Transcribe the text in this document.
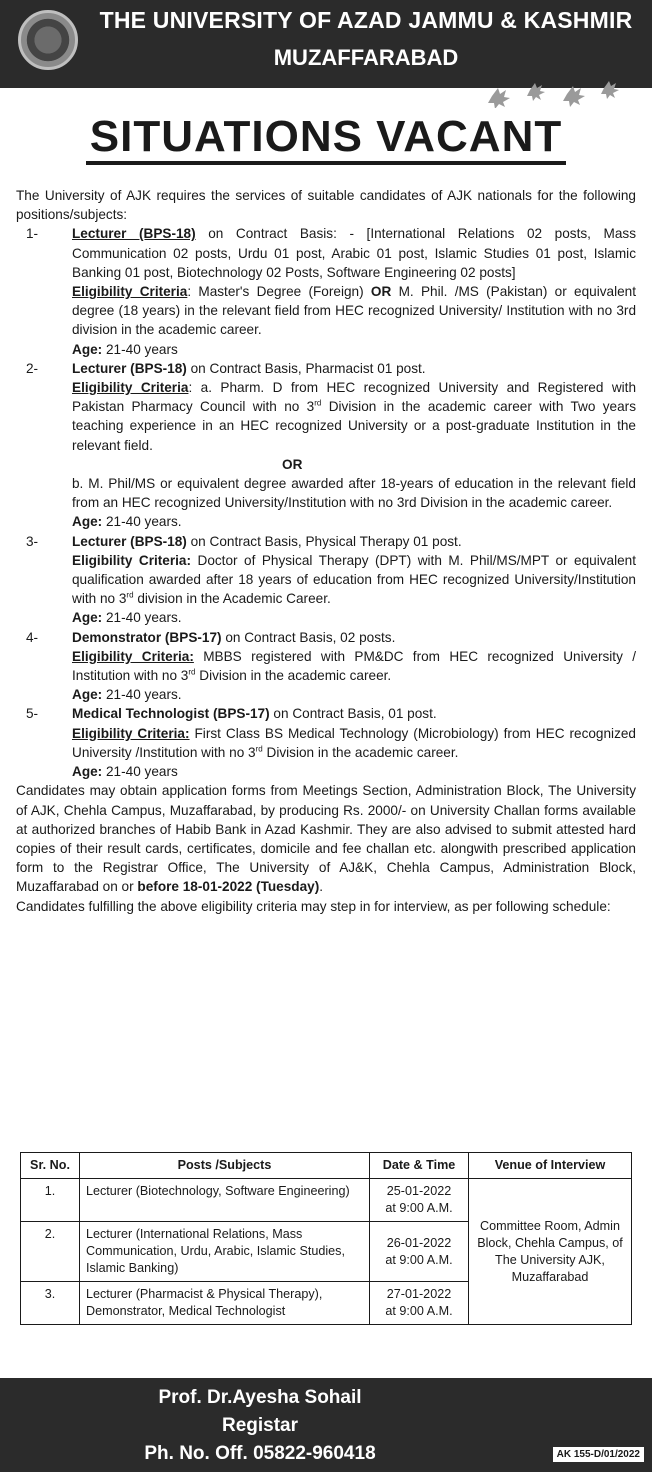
THE UNIVERSITY OF AZAD JAMMU & KASHMIR
MUZAFFARABAD
SITUATIONS VACANT

The University of AJK requires the services of suitable candidates of AJK nationals for the following positions/subjects:

1- Lecturer (BPS-18) on Contract Basis: - [International Relations 02 posts, Mass Communication 02 posts, Urdu 01 post, Arabic 01 post, Islamic Studies 01 post, Islamic Banking 01 post, Biotechnology 02 Posts, Software Engineering 02 posts]

Eligibility Criteria: Master's Degree (Foreign) OR M. Phil. /MS (Pakistan) or equivalent degree (18 years) in the relevant field from HEC recognized University/ Institution with no 3rd division in the academic career.

Age: 21-40 years

2- Lecturer (BPS-18) on Contract Basis, Pharmacist 01 post.

Eligibility Criteria: a. Pharm. D from HEC recognized University and Registered with Pakistan Pharmacy Council with no 3rd Division in the academic career with Two years teaching experience in an HEC recognized University or a post-graduate Institution in the relevant field.

OR

b. M. Phil/MS or equivalent degree awarded after 18-years of education in the relevant field from an HEC recognized University/Institution with no 3rd Division in the academic career.

Age: 21-40 years.

3- Lecturer (BPS-18) on Contract Basis, Physical Therapy 01 post.

Eligibility Criteria: Doctor of Physical Therapy (DPT) with M. Phil/MS/MPT or equivalent qualification awarded after 18 years of education from HEC recognized University/Institution with no 3rd division in the Academic Career.

Age: 21-40 years.

4- Demonstrator (BPS-17) on Contract Basis, 02 posts.

Eligibility Criteria: MBBS registered with PM&DC from HEC recognized University / Institution with no 3rd Division in the academic career.

Age: 21-40 years.

5- Medical Technologist (BPS-17) on Contract Basis, 01 post.

Eligibility Criteria: First Class BS Medical Technology (Microbiology) from HEC recognized University /Institution with no 3rd Division in the academic career.

Age: 21-40 years

Candidates may obtain application forms from Meetings Section, Administration Block, The University of AJK, Chehla Campus, Muzaffarabad, by producing Rs. 2000/- on University Challan forms available at authorized branches of Habib Bank in Azad Kashmir. They are also advised to submit attested hard copies of their result cards, certificates, domicile and fee challan etc. alongwith prescribed application form to the Registrar Office, The University of AJ&K, Chehla Campus, Administration Block, Muzaffarabad on or before 18-01-2022 (Tuesday).

Candidates fulfilling the above eligibility criteria may step in for interview, as per following schedule:

Sr. No.	Posts /Subjects	Date & Time	Venue of Interview
1.	Lecturer (Biotechnology, Software Engineering)	25-01-2022
at 9:00 A.M.	Committee Room, Admin Block, Chehla Campus, of The University AJK, Muzaffarabad
2.	Lecturer (International Relations, Mass Communication, Urdu, Arabic, Islamic Studies, Islamic Banking)	26-01-2022
at 9:00 A.M.	

3.	Lecturer (Pharmacist & Physical Therapy), Demonstrator, Medical Technologist	27-01-2022
at 9:00 A.M.	
Prof. Dr.Ayesha Sohail
Registar
Ph. No. Off. 05822-960418	AK 155-D/01/2022
